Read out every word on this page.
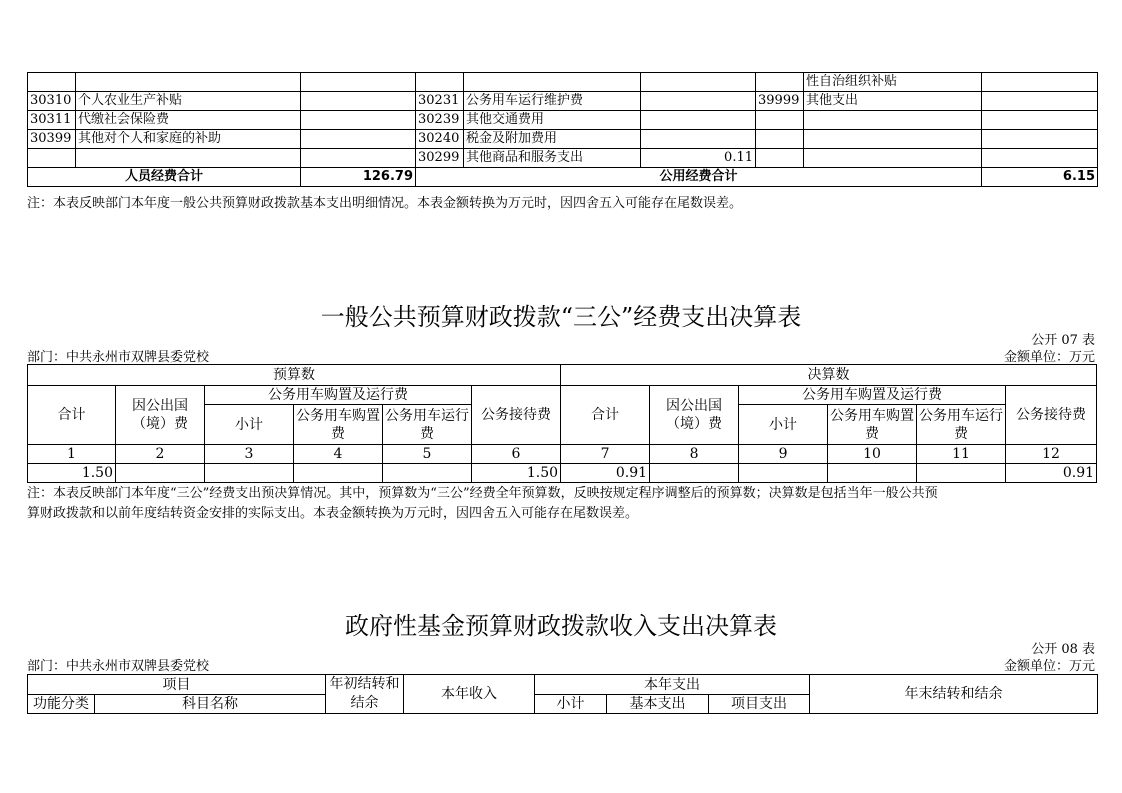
							性自治组织补贴	
30310	个人农业生产补贴		30231	公务用车运行维护费		39999	其他支出	
30311	代缴社会保险费		30239	其他交通费用				
30399	其他对个人和家庭的补助		30240	税金及附加费用				
			30299	其他商品和服务支出	0.11			
人员经费合计		126.79	公用经费合计					6.15
注：本表反映部门本年度一般公共预算财政拨款基本支出明细情况。本表金额转换为万元时，因四舍五入可能存在尾数误差。
一般公共预算财政拨款“三公”经费支出决算表
公开 07 表
部门：中共永州市双牌县委党校	金额单位：万元
预算数						决算数					
合计	因公出国（境）费	公务用车购置及运行费			公务接待费	合计	因公出国（境）费	公务用车购置及运行费			公务接待费
		小计	公务用车购置费	公务用车运行费				小计	公务用车购置费	公务用车运行费	
1	2	3	4	5	6	7	8	9	10	11	12
1.50					1.50	0.91					0.91
注：本表反映部门本年度“三公”经费支出预决算情况。其中，预算数为“三公”经费全年预算数，反映按规定程序调整后的预算数；决算数是包括当年一般公共预
算财政拨款和以前年度结转资金安排的实际支出。本表金额转换为万元时，因四舍五入可能存在尾数误差。
政府性基金预算财政拨款收入支出决算表
公开 08 表
部门：中共永州市双牌县委党校	金额单位：万元
项目		年初结转和结余	本年收入	本年支出			年末结转和结余
功能分类	科目名称			小计	基本支出	项目支出	
